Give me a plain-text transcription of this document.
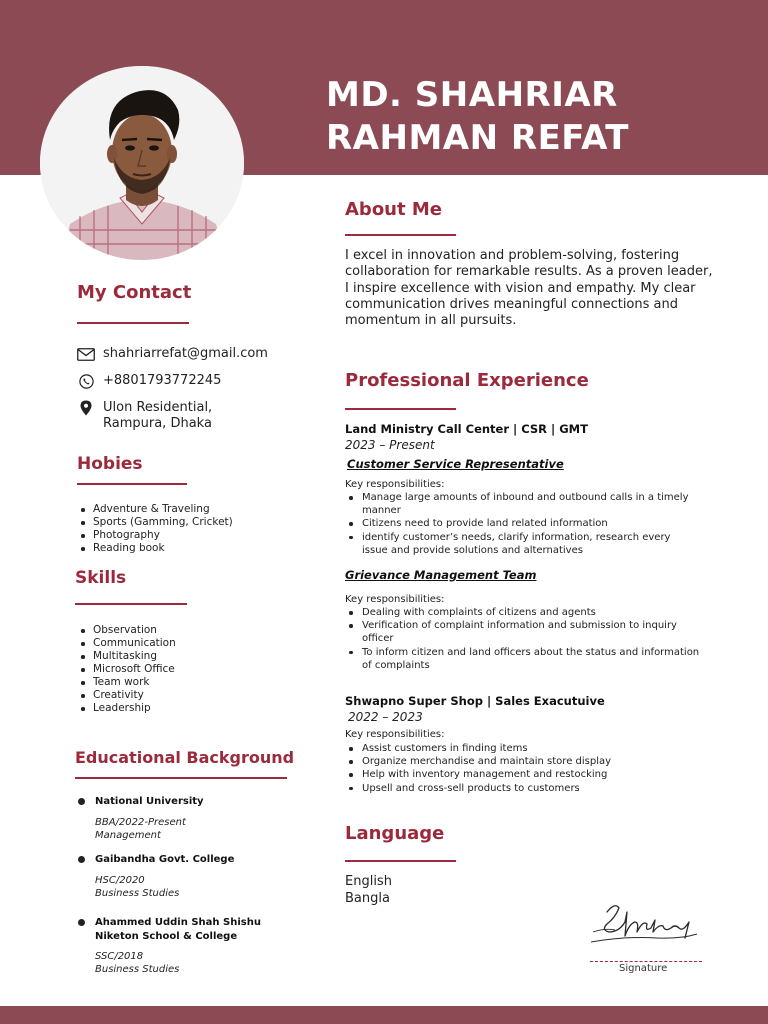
MD. SHAHRIAR
RAHMAN REFAT
My Contact
shahriarrefat@gmail.com
+8801793772245
Ulon Residential,
Rampura, Dhaka
Hobies
Adventure & Traveling
Sports (Gamming, Cricket)
Photography
Reading book
Skills
Observation
Communication
Multitasking
Microsoft Office
Team work
Creativity
Leadership
Educational Background
National University
BBA/2022-Present
Management
Gaibandha Govt. College
HSC/2020
Business Studies
Ahammed Uddin Shah Shishu Niketon School & College
SSC/2018
Business Studies
About Me
I excel in innovation and problem-solving, fostering collaboration for remarkable results. As a proven leader, I inspire excellence with vision and empathy. My clear communication drives meaningful connections and momentum in all pursuits.
Professional Experience
Land Ministry Call Center | CSR | GMT
2023 – Present
Customer Service Representative
Key responsibilities:
Manage large amounts of inbound and outbound calls in a timely manner
Citizens need to provide land related information
identify customer’s needs, clarify information, research every issue and provide solutions and alternatives
Grievance Management Team
Key responsibilities:
Dealing with complaints of citizens and agents
Verification of complaint information and submission to inquiry officer
To inform citizen and land officers about the status and information of complaints
Shwapno Super Shop | Sales Exacutuive
2022 – 2023
Key responsibilities:
Assist customers in finding items
Organize merchandise and maintain store display
Help with inventory management and restocking
Upsell and cross-sell products to customers
Language
English
Bangla
Signature
